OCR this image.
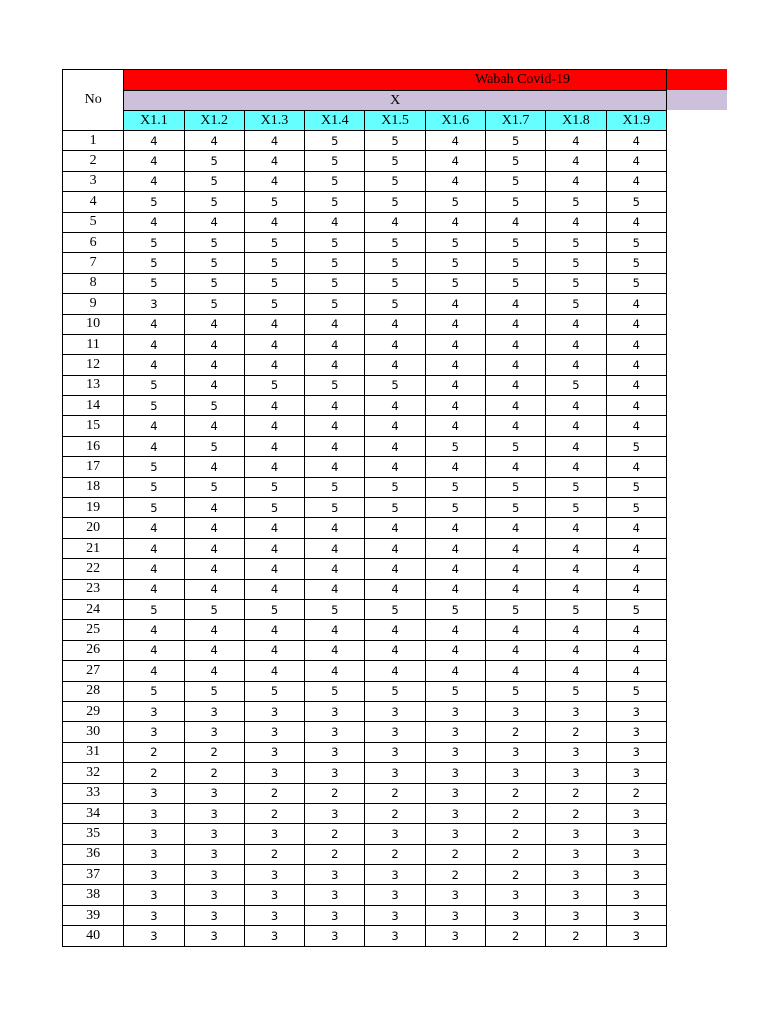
No	Wabah Covid-19								
	X								
	X1.1	X1.2	X1.3	X1.4	X1.5	X1.6	X1.7	X1.8	X1.9
1	4	4	4	5	5	4	5	4	4
2	4	5	4	5	5	4	5	4	4
3	4	5	4	5	5	4	5	4	4
4	5	5	5	5	5	5	5	5	5
5	4	4	4	4	4	4	4	4	4
6	5	5	5	5	5	5	5	5	5
7	5	5	5	5	5	5	5	5	5
8	5	5	5	5	5	5	5	5	5
9	3	5	5	5	5	4	4	5	4
10	4	4	4	4	4	4	4	4	4
11	4	4	4	4	4	4	4	4	4
12	4	4	4	4	4	4	4	4	4
13	5	4	5	5	5	4	4	5	4
14	5	5	4	4	4	4	4	4	4
15	4	4	4	4	4	4	4	4	4
16	4	5	4	4	4	5	5	4	5
17	5	4	4	4	4	4	4	4	4
18	5	5	5	5	5	5	5	5	5
19	5	4	5	5	5	5	5	5	5
20	4	4	4	4	4	4	4	4	4
21	4	4	4	4	4	4	4	4	4
22	4	4	4	4	4	4	4	4	4
23	4	4	4	4	4	4	4	4	4
24	5	5	5	5	5	5	5	5	5
25	4	4	4	4	4	4	4	4	4
26	4	4	4	4	4	4	4	4	4
27	4	4	4	4	4	4	4	4	4
28	5	5	5	5	5	5	5	5	5
29	3	3	3	3	3	3	3	3	3
30	3	3	3	3	3	3	2	2	3
31	2	2	3	3	3	3	3	3	3
32	2	2	3	3	3	3	3	3	3
33	3	3	2	2	2	3	2	2	2
34	3	3	2	3	2	3	2	2	3
35	3	3	3	2	3	3	2	3	3
36	3	3	2	2	2	2	2	3	3
37	3	3	3	3	3	2	2	3	3
38	3	3	3	3	3	3	3	3	3
39	3	3	3	3	3	3	3	3	3
40	3	3	3	3	3	3	2	2	3
